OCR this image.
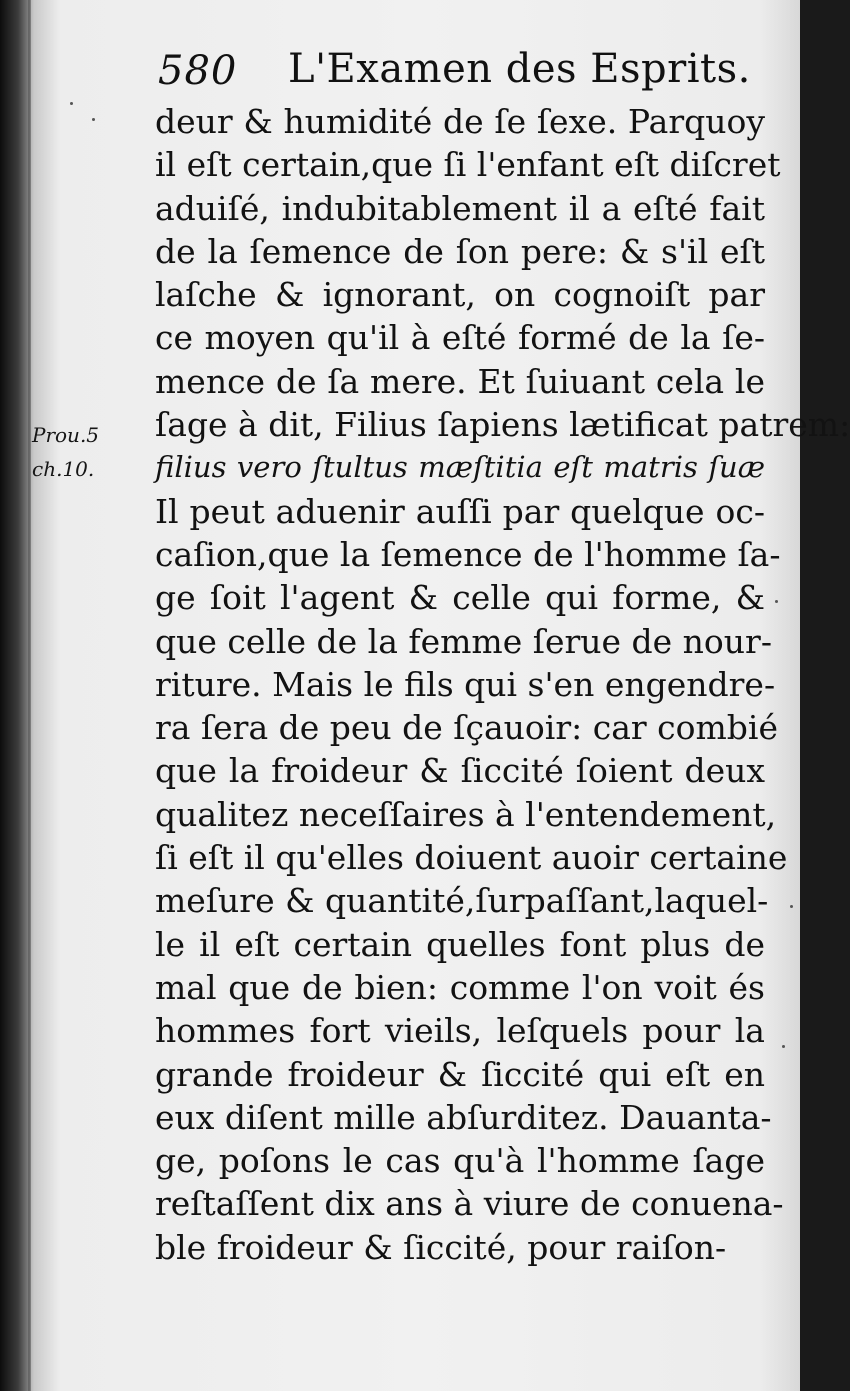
580 L'Examen des Esprits.
Prou.5
ch.10.
deur & humidité de ſe ſexe. Parquoy
il eſt certain,que ſi l'enfant eſt diſcret
aduiſé, indubitablement il a eſté fait
de la ſemence de ſon pere: & s'il eſt
laſche & ignorant, on cognoiſt par
ce moyen qu'il à eſté formé de la ſe-
mence de ſa mere. Et ſuiuant cela le
ſage à dit, Filius ſapiens lætificat patrem:
filius vero ſtultus mæſtitia eſt matris ſuæ
Il peut aduenir auſſi par quelque oc-
caſion,que la ſemence de l'homme ſa-
ge ſoit l'agent & celle qui forme, &
que celle de la femme ſerue de nour-
riture. Mais le fils qui s'en engendre-
ra ſera de peu de ſçauoir: car combié
que la froideur & ſiccité ſoient deux
qualitez neceſſaires à l'entendement,
ſi eſt il qu'elles doiuent auoir certaine
meſure & quantité,ſurpaſſant,laquel-
le il eſt certain quelles font plus de
mal que de bien: comme l'on voit és
hommes fort vieils, leſquels pour la
grande froideur & ſiccité qui eſt en
eux diſent mille abſurditez. Dauanta-
ge, poſons le cas qu'à l'homme ſage
reſtaſſent dix ans à viure de conuena-
ble froideur & ſiccité, pour raiſon-
